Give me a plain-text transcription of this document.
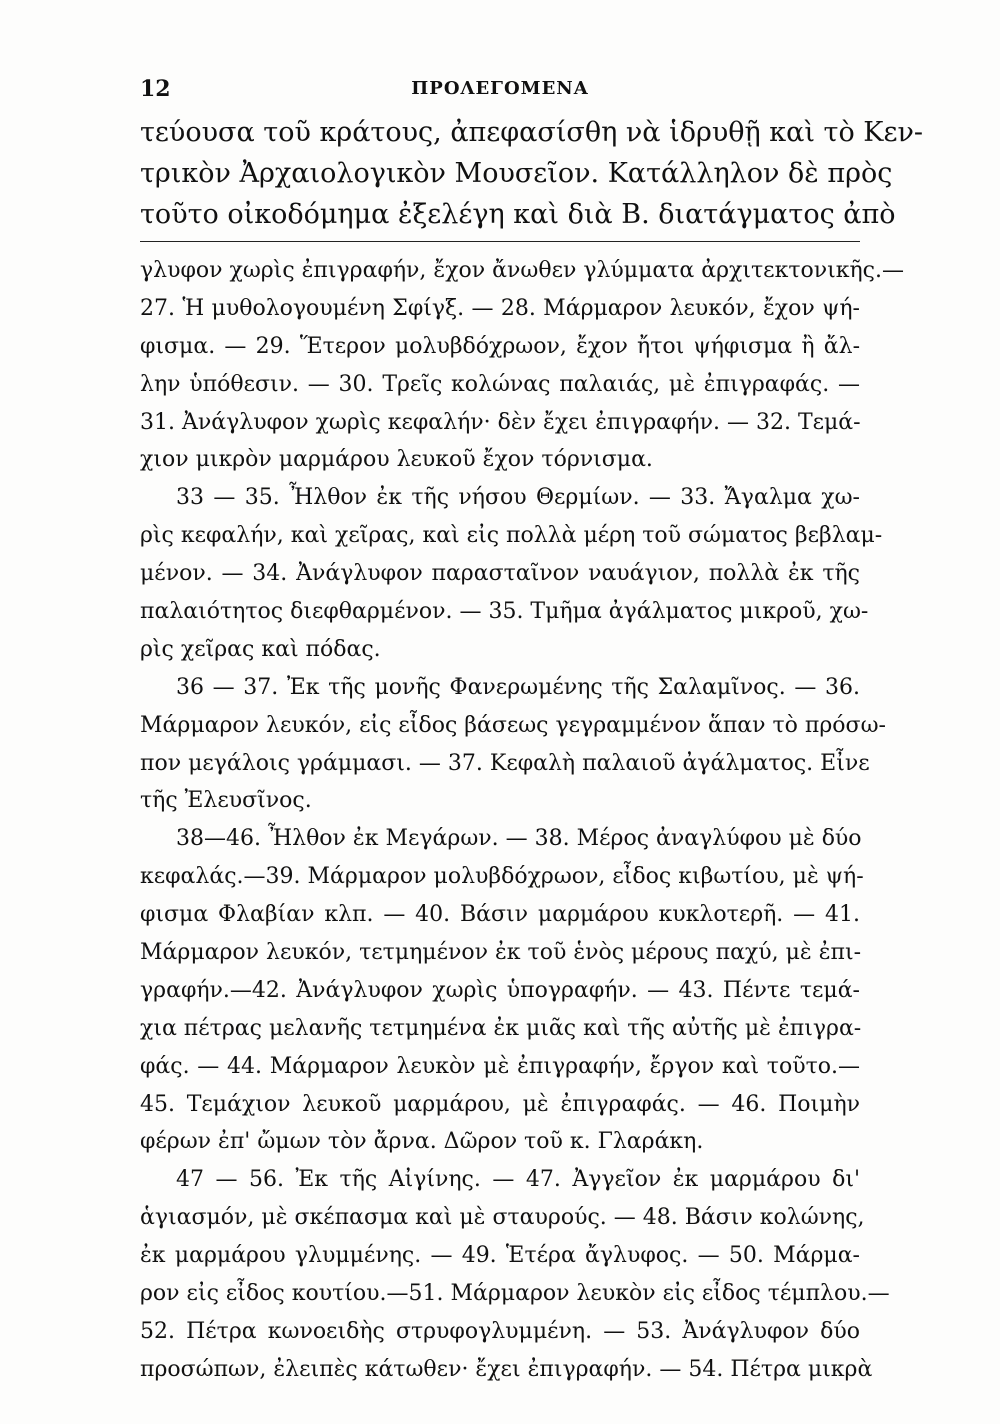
12	ΠΡΟΛΕΓΟΜΕΝΑ
τεύουσα τοῦ κράτους, ἀπεφασίσθη νὰ ἱδρυθῇ καὶ τὸ Κεν-
τρικὸν Ἀρχαιολογικὸν Μουσεῖον. Κατάλληλον δὲ πρὸς
τοῦτο οἰκοδόμημα ἐξελέγη καὶ διὰ Β. διατάγματος ἀπὸ
γλυφον χωρὶς ἐπιγραφήν, ἔχον ἄνωθεν γλύμματα ἀρχιτεκτονικῆς.—
27. Ἡ μυθολογουμένη Σφίγξ. — 28. Μάρμαρον λευκόν, ἔχον ψή-
φισμα. — 29. Ἕτερον μολυβδόχρωον, ἔχον ἤτοι ψήφισμα ἢ ἄλ-
λην ὑπόθεσιν. — 30. Τρεῖς κολώνας παλαιάς, μὲ ἐπιγραφάς. —
31. Ἀνάγλυφον χωρὶς κεφαλήν· δὲν ἔχει ἐπιγραφήν. — 32. Τεμά-
χιον μικρὸν μαρμάρου λευκοῦ ἔχον τόρνισμα.
33 — 35. Ἦλθον ἐκ τῆς νήσου Θερμίων. — 33. Ἄγαλμα χω-
ρὶς κεφαλήν, καὶ χεῖρας, καὶ εἰς πολλὰ μέρη τοῦ σώματος βεβλαμ-
μένον. — 34. Ἀνάγλυφον παρασταῖνον ναυάγιον, πολλὰ ἐκ τῆς
παλαιότητος διεφθαρμένον. — 35. Τμῆμα ἀγάλματος μικροῦ, χω-
ρὶς χεῖρας καὶ πόδας.
36 — 37. Ἐκ τῆς μονῆς Φανερωμένης τῆς Σαλαμῖνος. — 36.
Μάρμαρον λευκόν, εἰς εἶδος βάσεως γεγραμμένον ἅπαν τὸ πρόσω-
πον μεγάλοις γράμμασι. — 37. Κεφαλὴ παλαιοῦ ἀγάλματος. Εἶνε
τῆς Ἐλευσῖνος.
38—46. Ἦλθον ἐκ Μεγάρων. — 38. Μέρος ἀναγλύφου μὲ δύο
κεφαλάς.—39. Μάρμαρον μολυβδόχρωον, εἶδος κιβωτίου, μὲ ψή-
φισμα Φλαβίαν κλπ. — 40. Βάσιν μαρμάρου κυκλοτερῆ. — 41.
Μάρμαρον λευκόν, τετμημένον ἐκ τοῦ ἑνὸς μέρους παχύ, μὲ ἐπι-
γραφήν.—42. Ἀνάγλυφον χωρὶς ὑπογραφήν. — 43. Πέντε τεμά-
χια πέτρας μελανῆς τετμημένα ἐκ μιᾶς καὶ τῆς αὐτῆς μὲ ἐπιγρα-
φάς. — 44. Μάρμαρον λευκὸν μὲ ἐπιγραφήν, ἔργον καὶ τοῦτο.—
45. Τεμάχιον λευκοῦ μαρμάρου, μὲ ἐπιγραφάς. — 46. Ποιμὴν
φέρων ἐπ' ὤμων τὸν ἄρνα. Δῶρον τοῦ κ. Γλαράκη.
47 — 56. Ἐκ τῆς Αἰγίνης. — 47. Ἀγγεῖον ἐκ μαρμάρου δι'
ἁγιασμόν, μὲ σκέπασμα καὶ μὲ σταυρούς. — 48. Βάσιν κολώνης,
ἐκ μαρμάρου γλυμμένης. — 49. Ἑτέρα ἄγλυφος. — 50. Μάρμα-
ρον εἰς εἶδος κουτίου.—51. Μάρμαρον λευκὸν εἰς εἶδος τέμπλου.—
52. Πέτρα κωνοειδὴς στρυφογλυμμένη. — 53. Ἀνάγλυφον δύο
προσώπων, ἐλειπὲς κάτωθεν· ἔχει ἐπιγραφήν. — 54. Πέτρα μικρὰ
